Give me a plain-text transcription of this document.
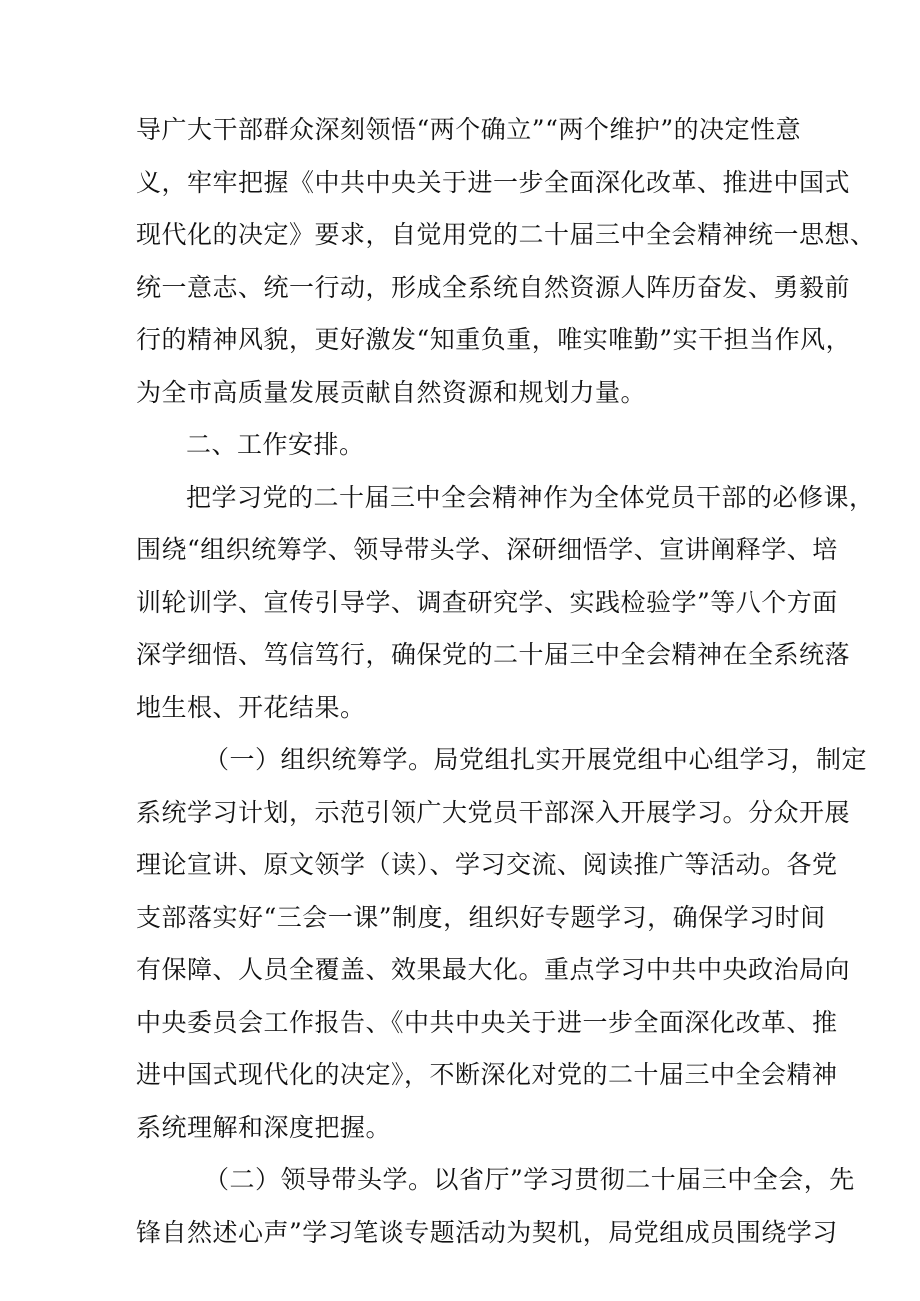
导广大干部群众深刻领悟“两个确立”“两个维护”的决定性意
义，牢牢把握《中共中央关于进一步全面深化改革、推进中国式
现代化的决定》要求，自觉用党的二十届三中全会精神统一思想、
统一意志、统一行动，形成全系统自然资源人阵历奋发、勇毅前
行的精神风貌，更好激发“知重负重，唯实唯勤”实干担当作风，
为全市高质量发展贡献自然资源和规划力量。
二、工作安排。
把学习党的二十届三中全会精神作为全体党员干部的必修课，
围绕“组织统筹学、领导带头学、深研细悟学、宣讲阐释学、培
训轮训学、宣传引导学、调查研究学、实践检验学”等八个方面
深学细悟、笃信笃行，确保党的二十届三中全会精神在全系统落
地生根、开花结果。
（一）组织统筹学。局党组扎实开展党组中心组学习，制定
系统学习计划，示范引领广大党员干部深入开展学习。分众开展
理论宣讲、原文领学（读）、学习交流、阅读推广等活动。各党
支部落实好“三会一课”制度，组织好专题学习，确保学习时间
有保障、人员全覆盖、效果最大化。重点学习中共中央政治局向
中央委员会工作报告、《中共中央关于进一步全面深化改革、推
进中国式现代化的决定》，不断深化对党的二十届三中全会精神
系统理解和深度把握。
（二）领导带头学。以省厅”学习贯彻二十届三中全会，先
锋自然述心声”学习笔谈专题活动为契机，局党组成员围绕学习
